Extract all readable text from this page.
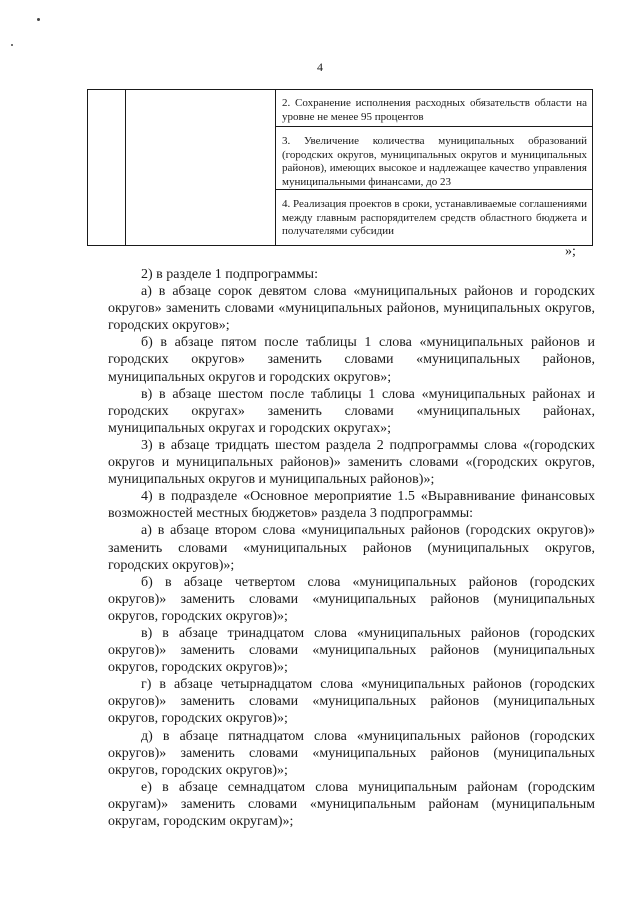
4

2. Сохранение исполнения расходных обязательств области на уровне не менее 95 процентов

3. Увеличение количества муниципальных образований (городских округов, муниципальных округов и муниципальных районов), имеющих высокое и надлежащее качество управления муниципальными финансами, до 23

4. Реализация проектов в сроки, устанавливаемые соглашениями между главным распорядителем средств областного бюджета и получателями субсидии
»;

2) в разделе 1 подпрограммы:

а) в абзаце сорок девятом слова «муниципальных районов и городских округов» заменить словами «муниципальных районов, муниципальных округов, городских округов»;

б) в абзаце пятом после таблицы 1 слова «муниципальных районов и городских округов» заменить словами «муниципальных районов, муниципальных округов и городских округов»;

в) в абзаце шестом после таблицы 1 слова «муниципальных районах и городских округах» заменить словами «муниципальных районах, муниципальных округах и городских округах»;

3) в абзаце тридцать шестом раздела 2 подпрограммы слова «(городских округов и муниципальных районов)» заменить словами «(городских округов, муниципальных округов и муниципальных районов)»;

4) в подразделе «Основное мероприятие 1.5 «Выравнивание финансовых возможностей местных бюджетов» раздела 3 подпрограммы:

а) в абзаце втором слова «муниципальных районов (городских округов)» заменить словами «муниципальных районов (муниципальных округов, городских округов)»;

б) в абзаце четвертом слова «муниципальных районов (городских округов)» заменить словами «муниципальных районов (муниципальных округов, городских округов)»;

в) в абзаце тринадцатом слова «муниципальных районов (городских округов)» заменить словами «муниципальных районов (муниципальных округов, городских округов)»;

г) в абзаце четырнадцатом слова «муниципальных районов (городских округов)» заменить словами «муниципальных районов (муниципальных округов, городских округов)»;

д) в абзаце пятнадцатом слова «муниципальных районов (городских округов)» заменить словами «муниципальных районов (муниципальных округов, городских округов)»;

е) в абзаце семнадцатом слова муниципальным районам (городским округам)» заменить словами «муниципальным районам (муниципальным округам, городским округам)»;
